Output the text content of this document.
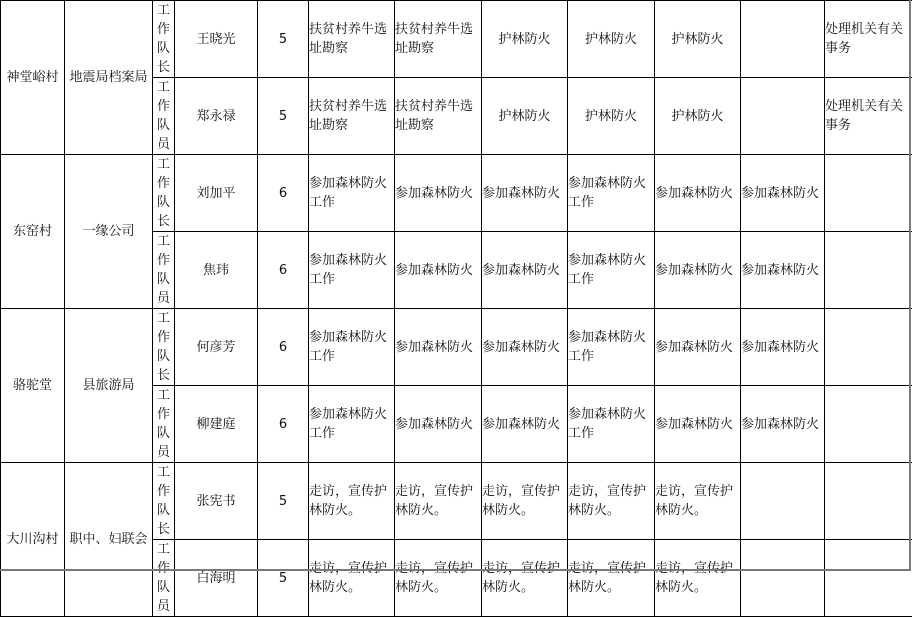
神堂峪村	地震局档案局	工作队长	王晓光	5	扶贫村养牛选址勘察	扶贫村养牛选址勘察	护林防火	护林防火	护林防火		处理机关有关事务
		工作队员	郑永禄	5	扶贫村养牛选址勘察	扶贫村养牛选址勘察	护林防火	护林防火	护林防火		处理机关有关事务
东窑村	一缘公司	工作队长	刘加平	6	参加森林防火工作	参加森林防火	参加森林防火	参加森林防火工作	参加森林防火	参加森林防火	
		工作队员	焦玮	6	参加森林防火工作	参加森林防火	参加森林防火	参加森林防火工作	参加森林防火	参加森林防火	
骆驼堂	县旅游局	工作队长	何彦芳	6	参加森林防火工作	参加森林防火	参加森林防火	参加森林防火工作	参加森林防火	参加森林防火	
		工作队员	柳建庭	6	参加森林防火工作	参加森林防火	参加森林防火	参加森林防火工作	参加森林防火	参加森林防火	
大川沟村	职中、妇联会	工作队长	张宪书	5	走访，宣传护林防火。	走访，宣传护林防火。	走访，宣传护林防火。	走访，宣传护林防火。	走访，宣传护林防火。		
		工作队员	白海明	5	走访，宣传护林防火。	走访，宣传护林防火。	走访，宣传护林防火。	走访，宣传护林防火。	走访，宣传护林防火。		
